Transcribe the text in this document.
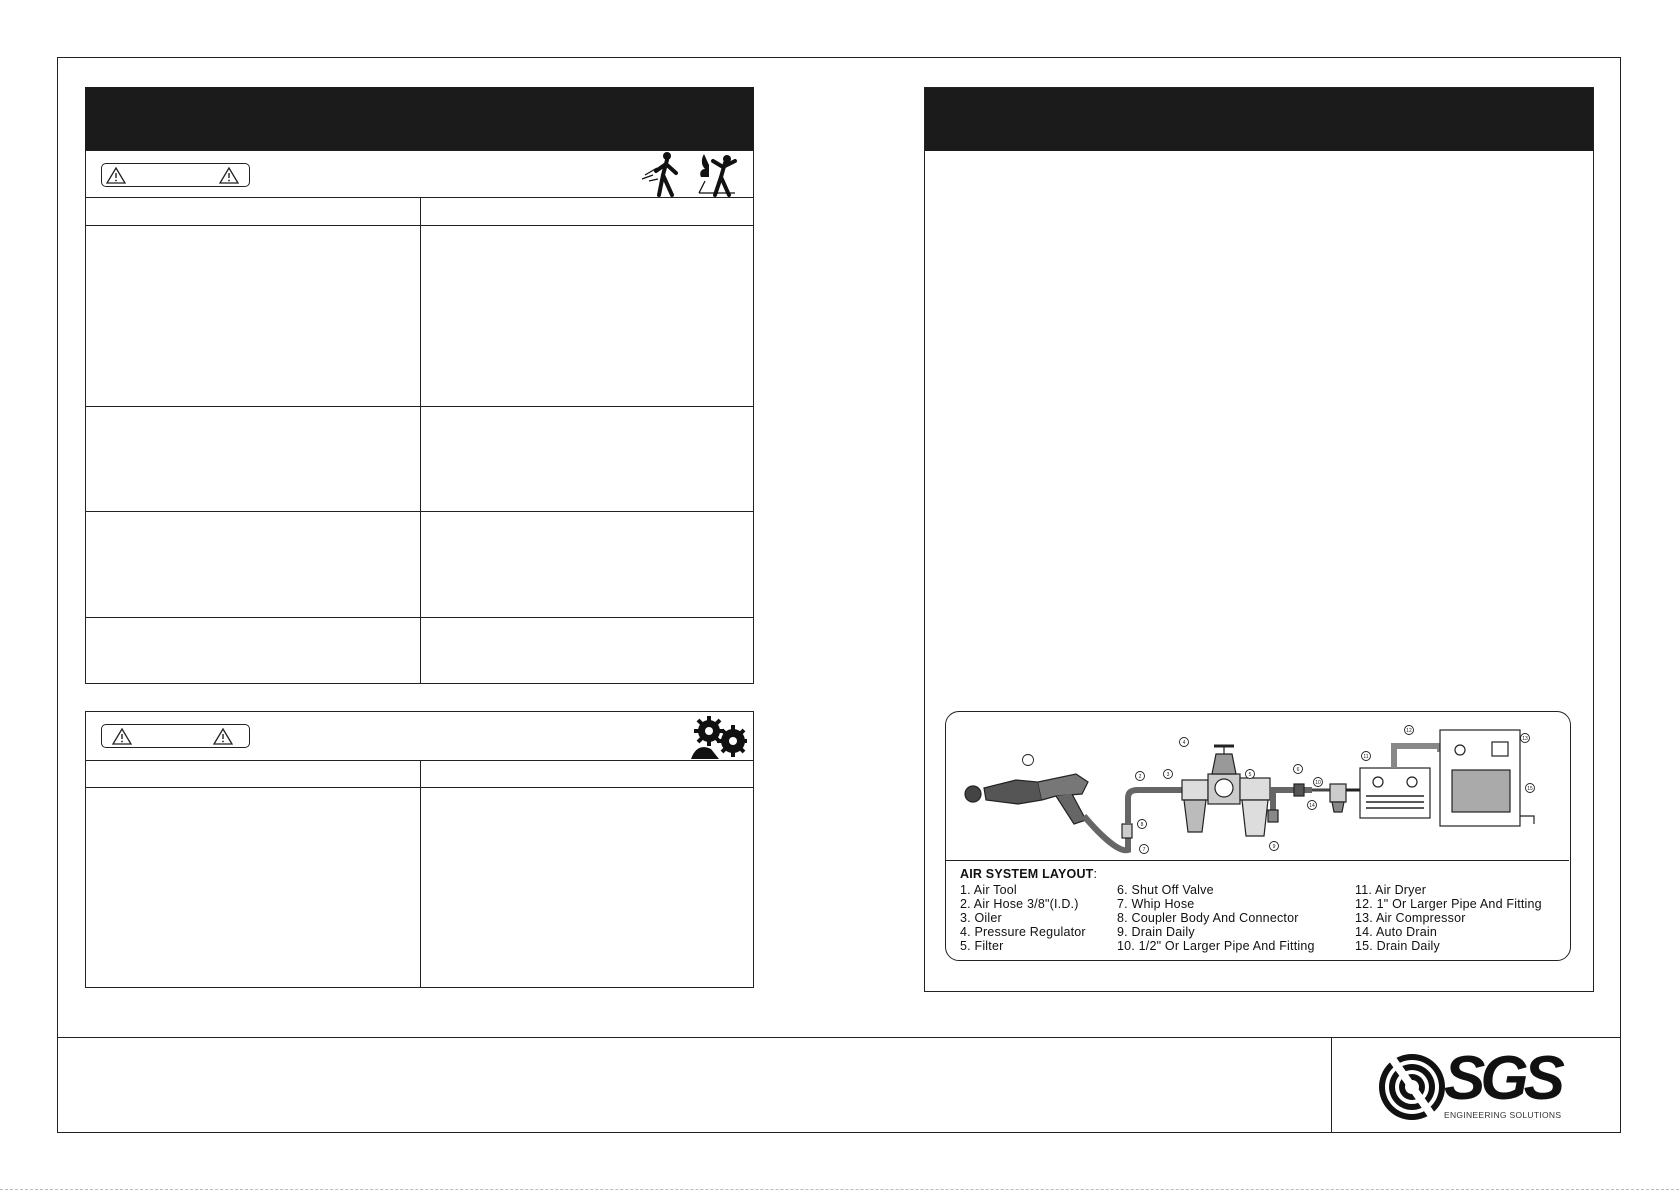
2	3
4
5
6
7
8
9
10
11
12
13
14
15
AIR SYSTEM LAYOUT:
1. Air Tool
2. Air Hose 3/8"(I.D.)
3. Oiler
4. Pressure Regulator
5. Filter
6. Shut Off Valve
7. Whip Hose
8. Coupler Body And Connector
9. Drain Daily
10. 1/2" Or Larger Pipe And Fitting
11. Air Dryer
12. 1" Or Larger Pipe And Fitting
13. Air Compressor
14. Auto Drain
15. Drain Daily
SGS
ENGINEERING SOLUTIONS
